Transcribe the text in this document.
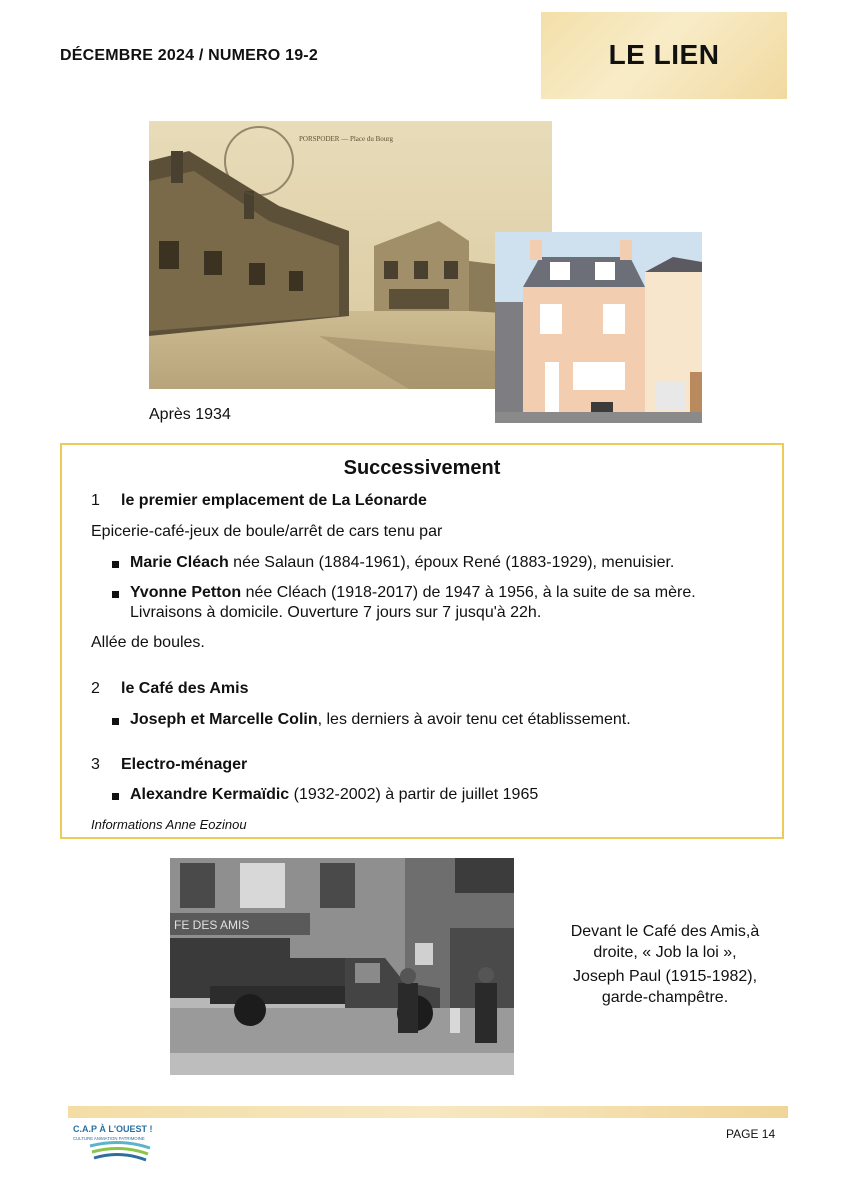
DÉCEMBRE 2024 / NUMERO 19-2	LE LIEN
PORSPODER — Place du Bourg
Après 1934
Successivement
1 le premier emplacement de La Léonarde
Epicerie-café-jeux de boule/arrêt de cars tenu par
Marie Cléach née Salaun (1884-1961), époux René (1883-1929), menuisier.
Yvonne Petton née Cléach (1918-2017) de 1947 à 1956, à la suite de sa mère.
Livraisons à domicile. Ouverture 7 jours sur 7 jusqu'à 22h.
Allée de boules.
2 le Café des Amis
Joseph et Marcelle Colin, les derniers à avoir tenu cet établissement.
3 Electro-ménager
Alexandre Kermaïdic (1932-2002) à partir de juillet 1965
Informations Anne Eozinou
FE DES AMIS	Devant le Café des Amis,à
droite, « Job la loi »,
Joseph Paul (1915-1982),
garde-champêtre.
C.A.P À L'OUEST !
CULTURE ANIMATION PATRIMOINE	PAGE 14
